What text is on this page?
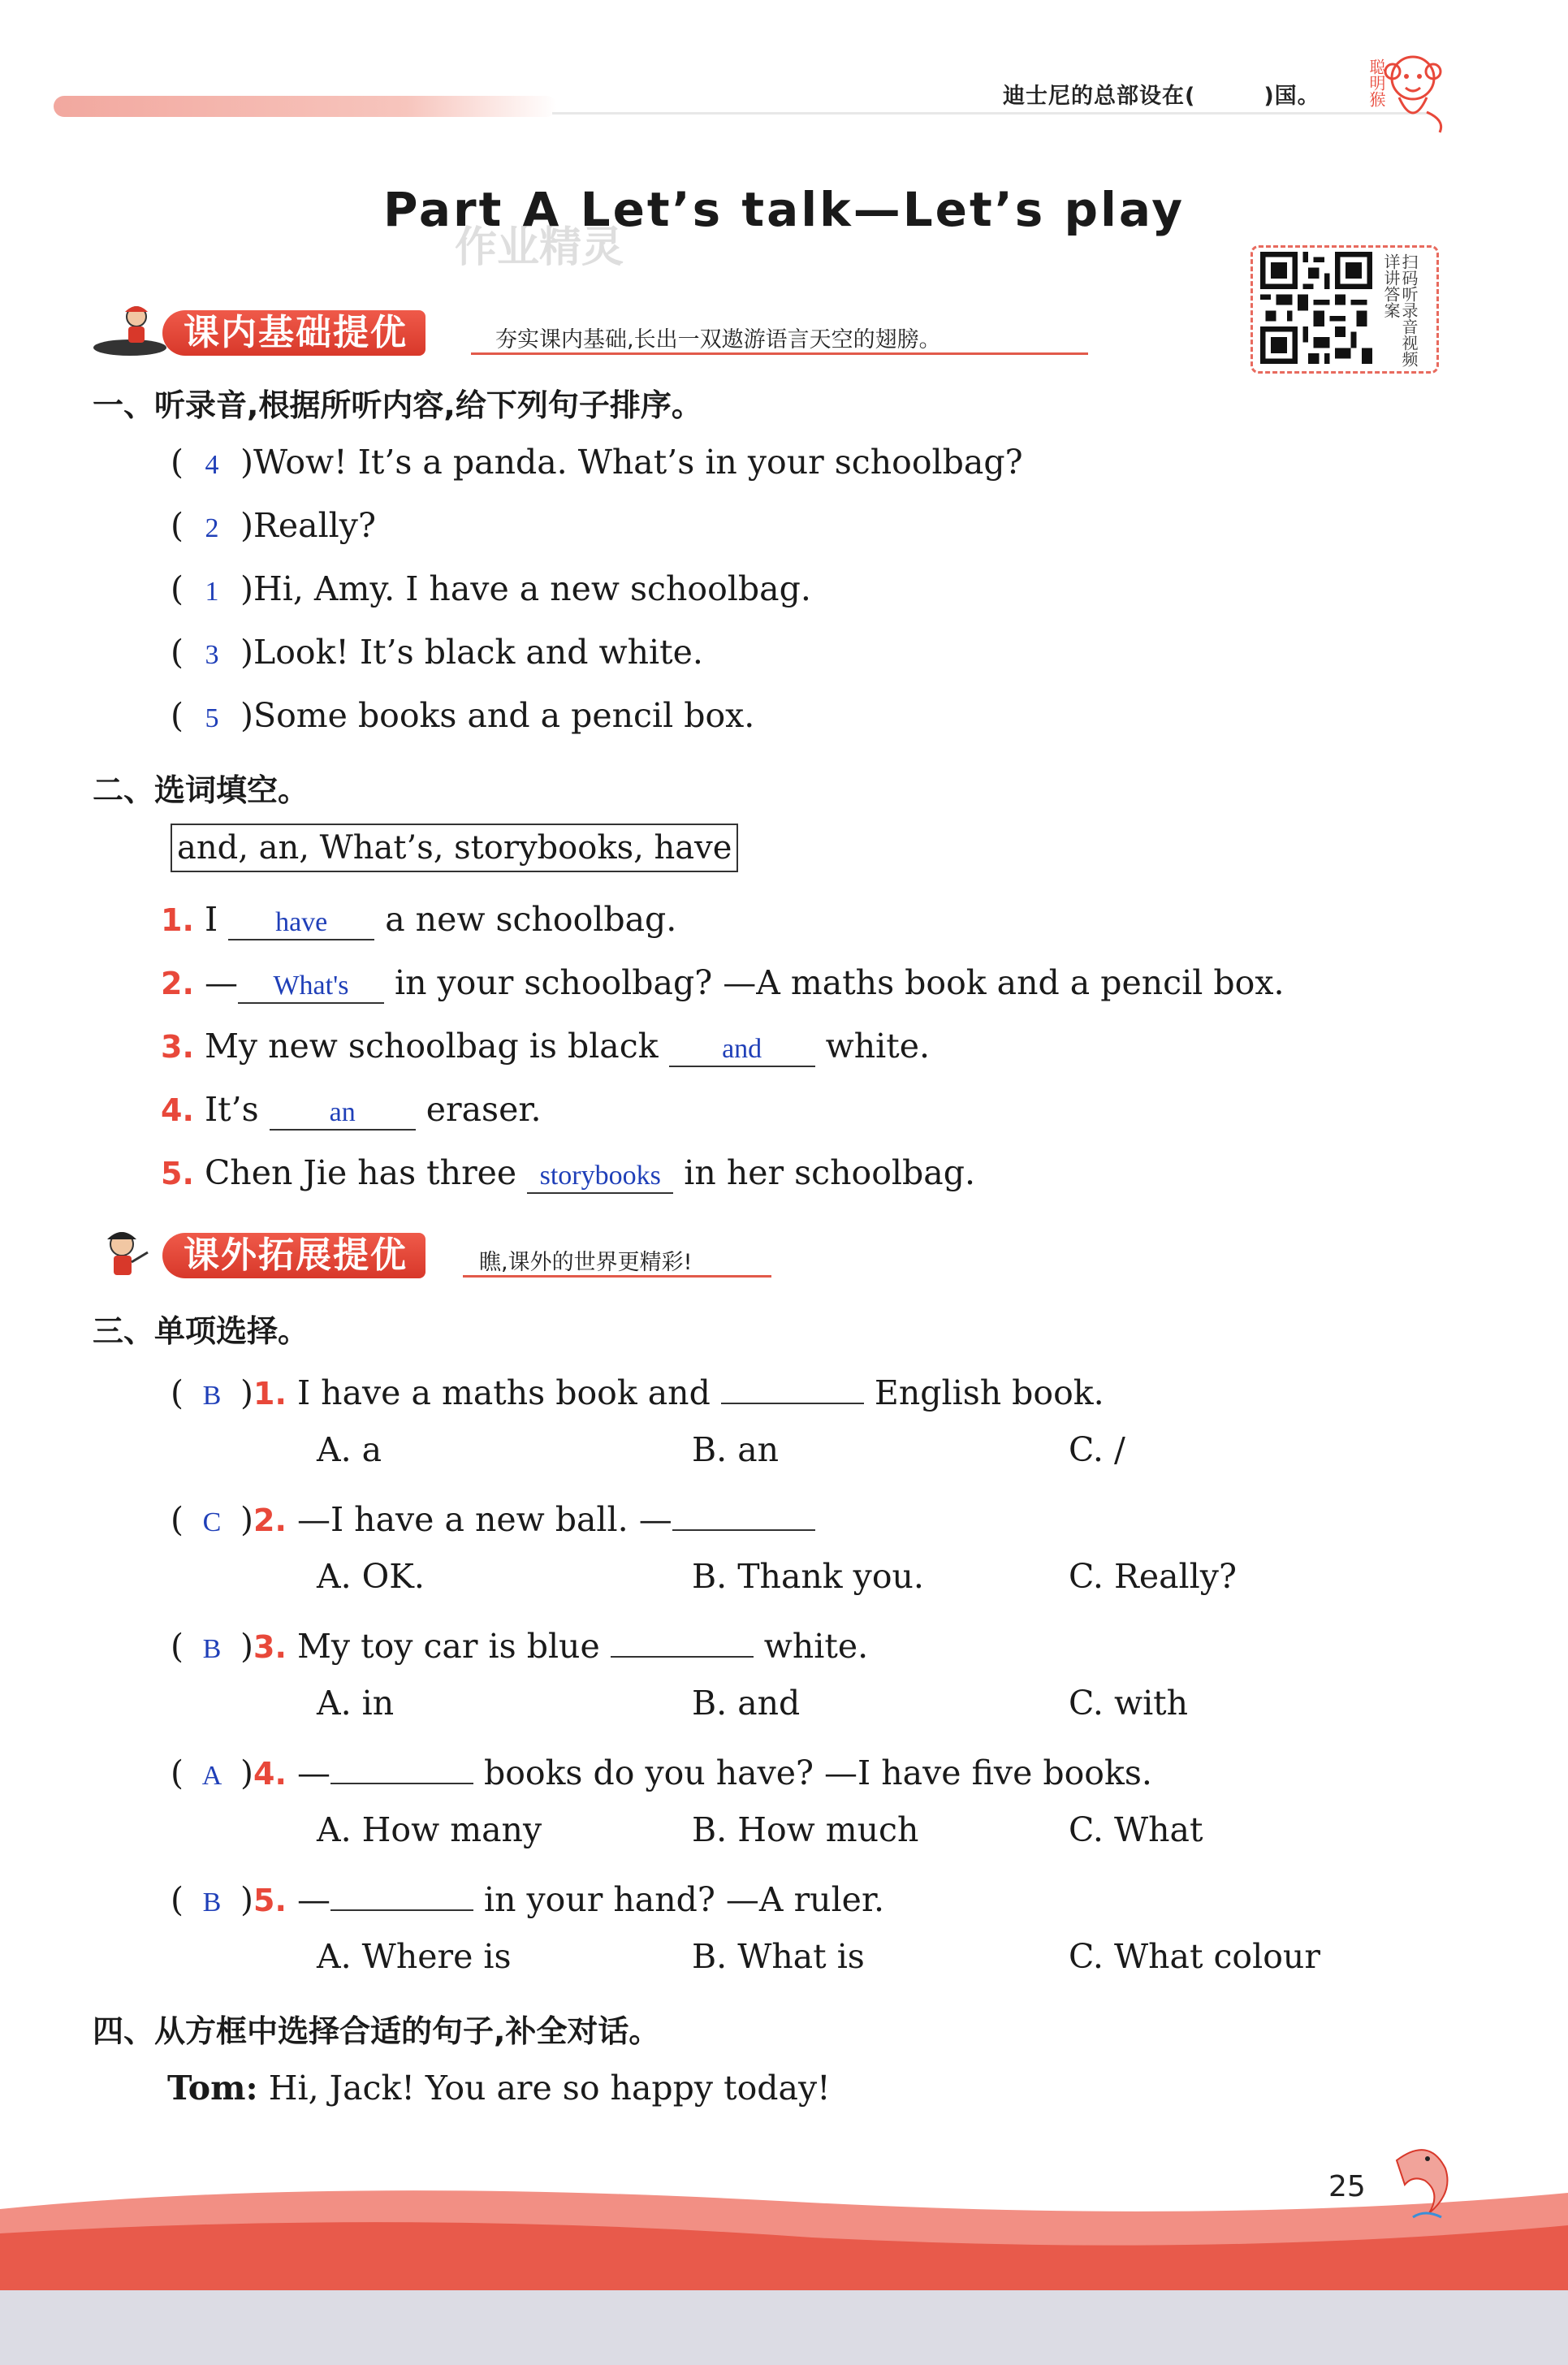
迪士尼的总部设在(　　　)国。	聪明猴
Part A Let’s talk—Let’s play
作业精灵
扫码听录音视频详讲答案
课内基础提优	夯实课内基础,长出一双遨游语言天空的翅膀。
一、听录音,根据所听内容,给下列句子排序。
( 4 )Wow! It’s a panda. What’s in your schoolbag?
( 2 )Really?
( 1 )Hi, Amy. I have a new schoolbag.
( 3 )Look! It’s black and white.
( 5 )Some books and a pencil box.
二、选词填空。
and, an, What’s, storybooks, have
1. I have a new schoolbag.
2. — What's in your schoolbag? —A maths book and a pencil box.
3. My new schoolbag is black and white.
4. It’s an eraser.
5. Chen Jie has three storybooks in her schoolbag.
课外拓展提优	瞧,课外的世界更精彩!
三、单项选择。
( B )1. I have a maths book and	English book.
A. a	B. an	C. /
( C )2. —I have a new ball. —
A. OK.	B. Thank you.	C. Really?
( B )3. My toy car is blue	white.
A. in	B. and	C. with
( A )4. —	books do you have? —I have five books.
A. How many	B. How much	C. What
( B )5. —	in your hand? —A ruler.
A. Where is	B. What is	C. What colour
四、从方框中选择合适的句子,补全对话。
Tom: Hi, Jack! You are so happy today!
25
